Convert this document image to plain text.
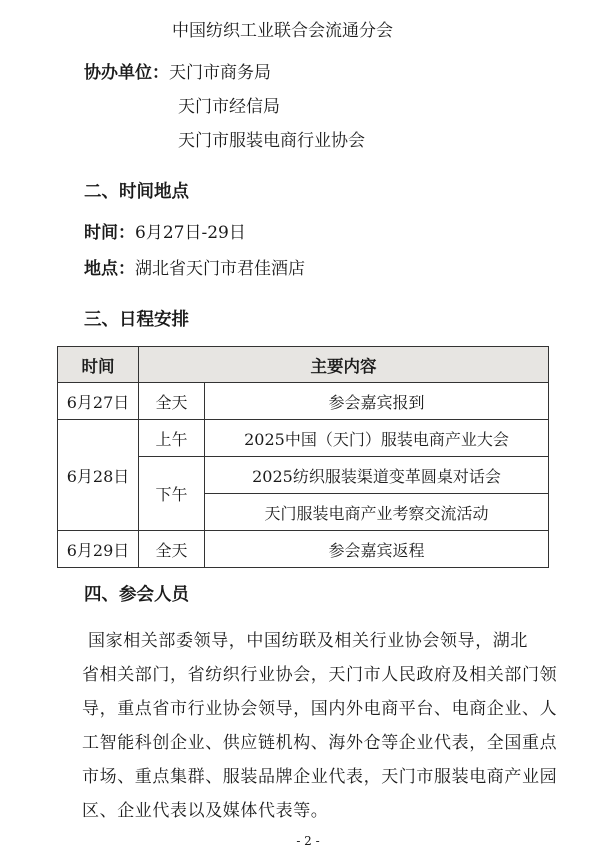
中国纺织工业联合会流通分会
协办单位：天门市商务局
天门市经信局
天门市服装电商行业协会
二、时间地点
时间：6月27日-29日
地点：湖北省天门市君佳酒店
三、日程安排
时间	主要内容	
6月27日	全天	参会嘉宾报到
6月28日	上午	2025中国（天门）服装电商产业大会
	下午	2025纺织服装渠道变革圆桌对话会
		天门服装电商产业考察交流活动
6月29日	全天	参会嘉宾返程
四、参会人员
国家相关部委领导，中国纺联及相关行业协会领导，湖北
省相关部门，省纺织行业协会，天门市人民政府及相关部门领
导，重点省市行业协会领导，国内外电商平台、电商企业、人
工智能科创企业、供应链机构、海外仓等企业代表，全国重点
市场、重点集群、服装品牌企业代表，天门市服装电商产业园
区、企业代表以及媒体代表等。
- 2 -
